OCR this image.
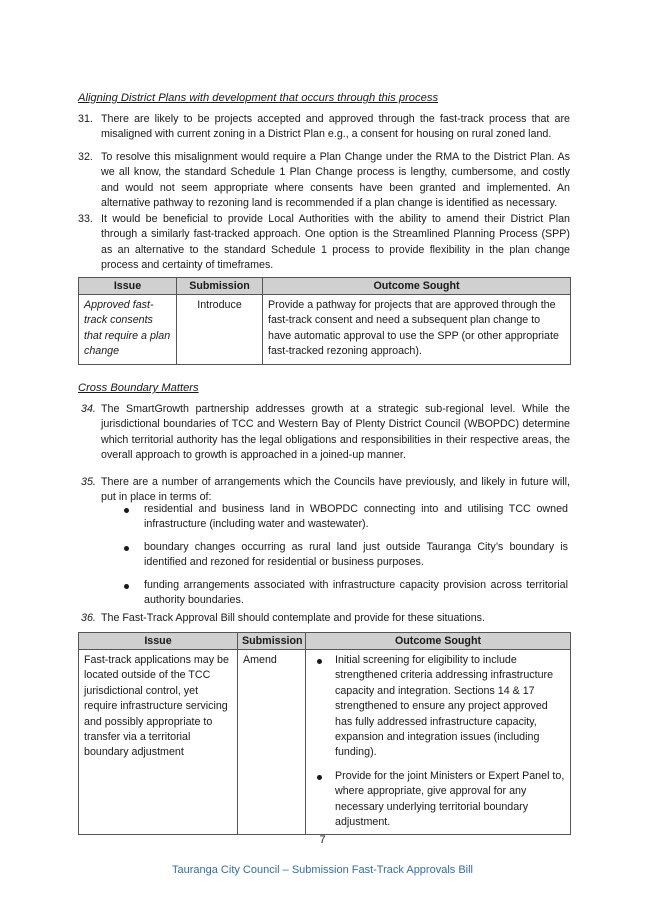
Aligning District Plans with development that occurs through this process
31. There are likely to be projects accepted and approved through the fast-track process that are misaligned with current zoning in a District Plan e.g., a consent for housing on rural zoned land.
32. To resolve this misalignment would require a Plan Change under the RMA to the District Plan. As we all know, the standard Schedule 1 Plan Change process is lengthy, cumbersome, and costly and would not seem appropriate where consents have been granted and implemented. An alternative pathway to rezoning land is recommended if a plan change is identified as necessary.
33. It would be beneficial to provide Local Authorities with the ability to amend their District Plan through a similarly fast-tracked approach. One option is the Streamlined Planning Process (SPP) as an alternative to the standard Schedule 1 process to provide flexibility in the plan change process and certainty of timeframes.
Issue	Submission	Outcome Sought
Approved fast-track consents that require a plan change	Introduce	Provide a pathway for projects that are approved through the fast-track consent and need a subsequent plan change to have automatic approval to use the SPP (or other appropriate fast-tracked rezoning approach).
Cross Boundary Matters
34. The SmartGrowth partnership addresses growth at a strategic sub-regional level. While the jurisdictional boundaries of TCC and Western Bay of Plenty District Council (WBOPDC) determine which territorial authority has the legal obligations and responsibilities in their respective areas, the overall approach to growth is approached in a joined-up manner.
35. There are a number of arrangements which the Councils have previously, and likely in future will, put in place in terms of:
residential and business land in WBOPDC connecting into and utilising TCC owned infrastructure (including water and wastewater).
boundary changes occurring as rural land just outside Tauranga City’s boundary is identified and rezoned for residential or business purposes.
funding arrangements associated with infrastructure capacity provision across territorial authority boundaries.
36. The Fast-Track Approval Bill should contemplate and provide for these situations.
Issue	Submission	Outcome Sought
Fast-track applications may be located outside of the TCC jurisdictional control, yet require infrastructure servicing and possibly appropriate to transfer via a territorial boundary adjustment	Amend	Initial screening for eligibility to include strengthened criteria addressing infrastructure capacity and integration. Sections 14 & 17 strengthened to ensure any project approved has fully addressed infrastructure capacity, expansion and integration issues (including funding).
Provide for the joint Ministers or Expert Panel to, where appropriate, give approval for any necessary underlying territorial boundary adjustment.
7
Tauranga City Council – Submission Fast-Track Approvals Bill
